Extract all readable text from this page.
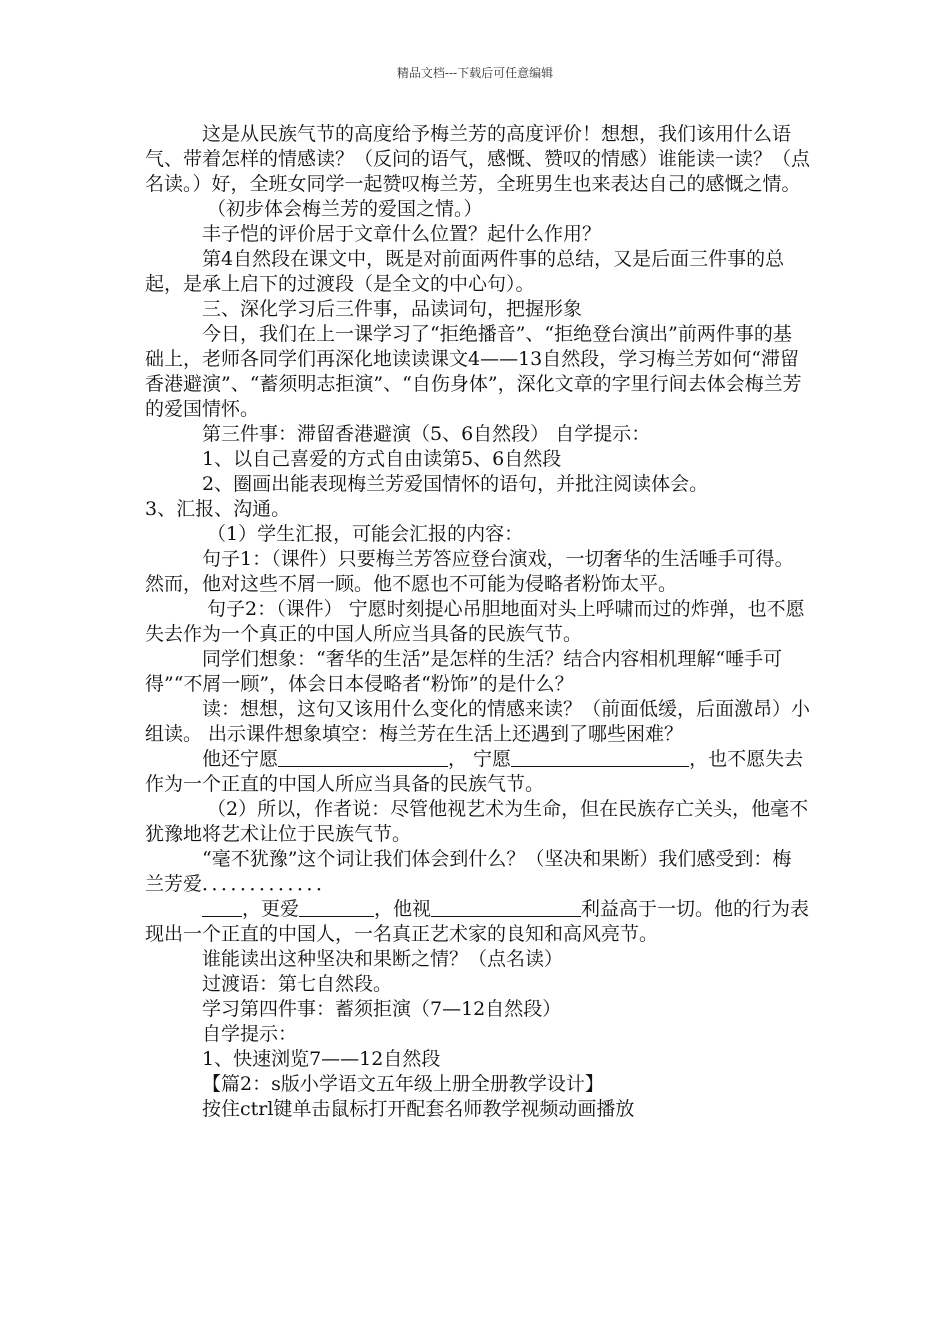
精品文档---下载后可任意编辑

这是从民族气节的高度给予梅兰芳的高度评价！想想，我们该用什么语气、带着怎样的情感读？（反问的语气，感慨、赞叹的情感）谁能读一读？（点名读。）好，全班女同学一起赞叹梅兰芳，全班男生也来表达自己的感慨之情。

（初步体会梅兰芳的爱国之情。）

丰子恺的评价居于文章什么位置？起什么作用？

第4自然段在课文中，既是对前面两件事的总结，又是后面三件事的总起，是承上启下的过渡段（是全文的中心句）。

三、深化学习后三件事，品读词句，把握形象

今日，我们在上一课学习了“拒绝播音”、“拒绝登台演出”前两件事的基础上，老师各同学们再深化地读读课文4——13自然段，学习梅兰芳如何“滞留香港避演”、“蓄须明志拒演”、“自伤身体”，深化文章的字里行间去体会梅兰芳的爱国情怀。

第三件事：滞留香港避演（5、6自然段） 自学提示：

1、以自己喜爱的方式自由读第5、6自然段

2、圈画出能表现梅兰芳爱国情怀的语句，并批注阅读体会。

3、汇报、沟通。

（1）学生汇报，可能会汇报的内容：

句子1：（课件）只要梅兰芳答应登台演戏，一切奢华的生活唾手可得。然而，他对这些不屑一顾。他不愿也不可能为侵略者粉饰太平。

句子2：（课件） 宁愿时刻提心吊胆地面对头上呼啸而过的炸弹，也不愿失去作为一个真正的中国人所应当具备的民族气节。

同学们想象：“奢华的生活”是怎样的生活？结合内容相机理解“唾手可得”“不屑一顾”，体会日本侵略者“粉饰”的是什么？

读：想想，这句又该用什么变化的情感来读？（前面低缓，后面激昂）小组读。 出示课件想象填空：梅兰芳在生活上还遇到了哪些困难？

他还宁愿	， 宁愿	，也不愿失去作为一个正直的中国人所应当具备的民族气节。

（2）所以，作者说：尽管他视艺术为生命，但在民族存亡关头，他毫不犹豫地将艺术让位于民族气节。

“毫不犹豫”这个词让我们体会到什么？（坚决和果断）我们感受到：梅兰芳爱．．．．．．．．．．．．．

，更爱	，他视	利益高于一切。他的行为表现出一个正直的中国人，一名真正艺术家的良知和高风亮节。

谁能读出这种坚决和果断之情？（点名读）

过渡语：第七自然段。

学习第四件事：蓄须拒演（7—12自然段）

自学提示：

1、快速浏览7——12自然段

【篇2：s版小学语文五年级上册全册教学设计】

按住ctrl键单击鼠标打开配套名师教学视频动画播放
